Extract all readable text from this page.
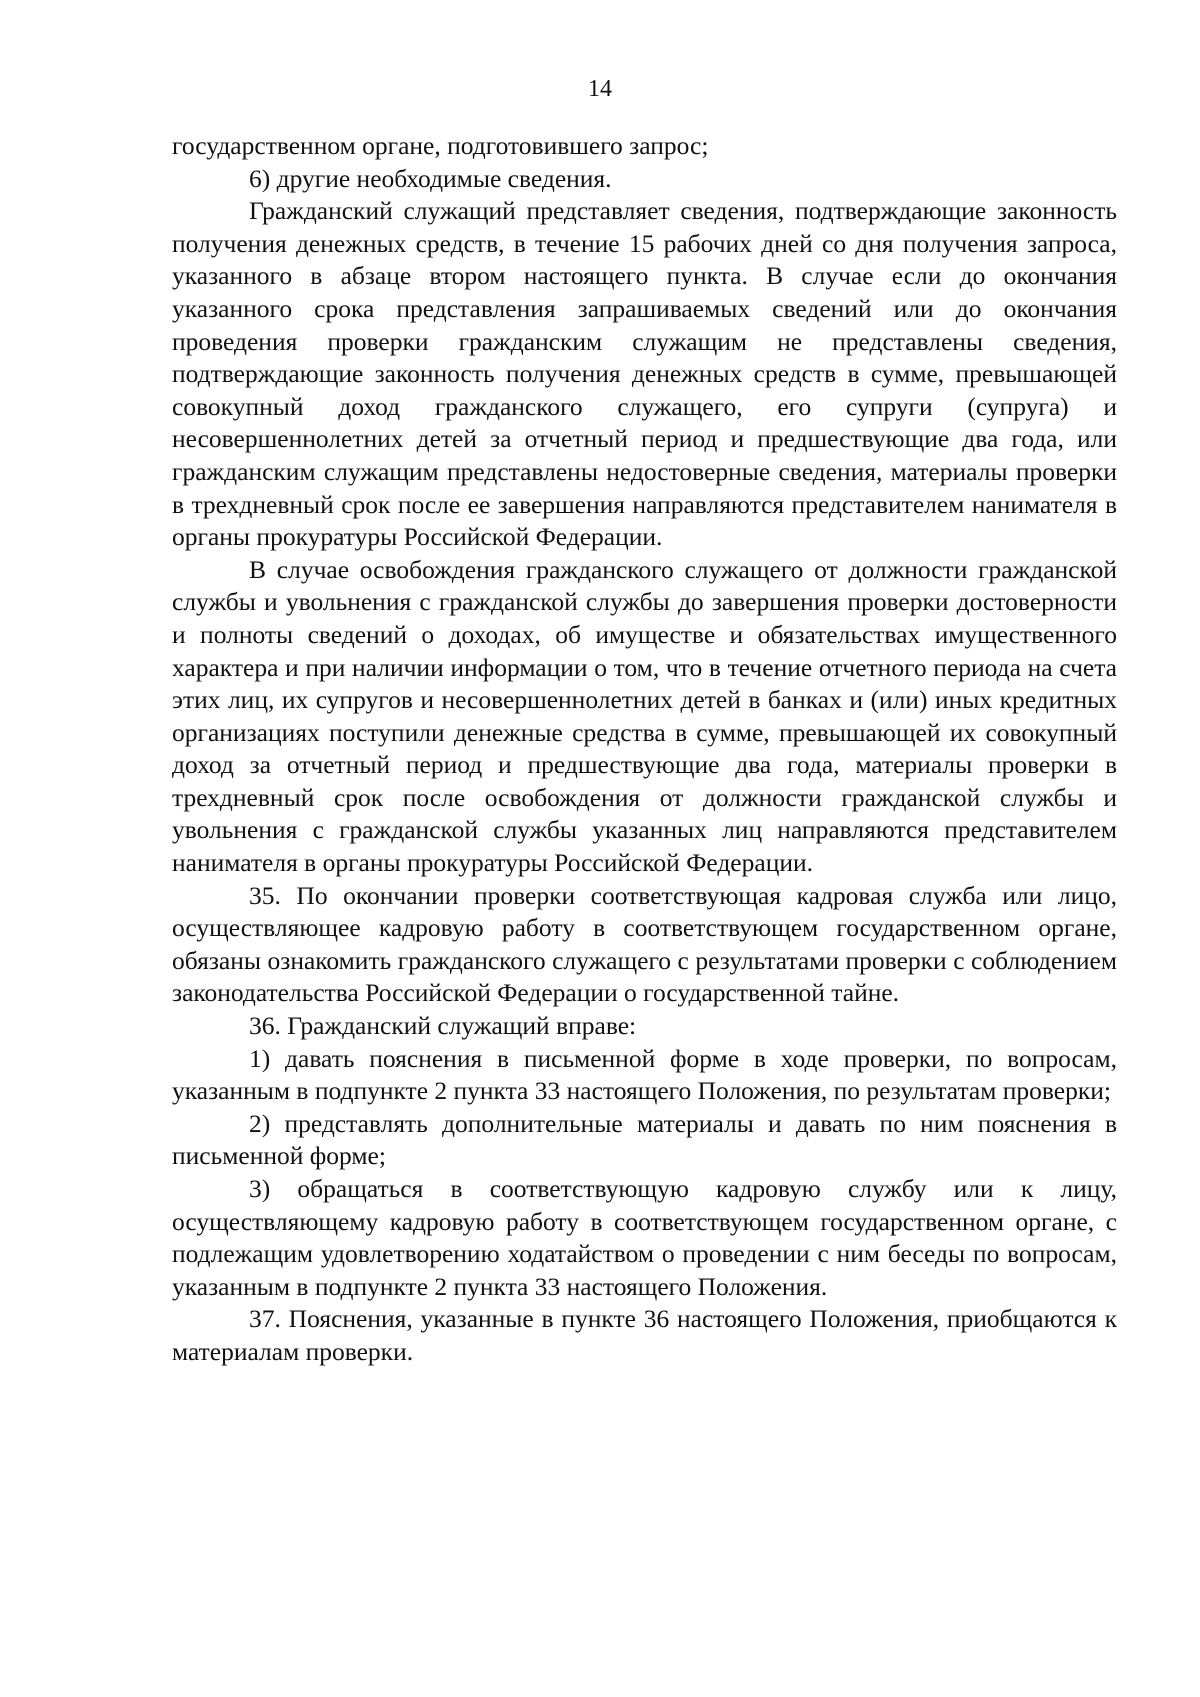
14

государственном органе, подготовившего запрос;

6) другие необходимые сведения.

Гражданский служащий представляет сведения, подтверждающие законность получения денежных средств, в течение 15 рабочих дней со дня получения запроса, указанного в абзаце втором настоящего пункта. В случае если до окончания указанного срока представления запрашиваемых сведений или до окончания проведения проверки гражданским служащим не представлены сведения, подтверждающие законность получения денежных средств в сумме, превышающей совокупный доход гражданского служащего, его супруги (супруга) и несовершеннолетних детей за отчетный период и предшествующие два года, или гражданским служащим представлены недостоверные сведения, материалы проверки в трехдневный срок после ее завершения направляются представителем нанимателя в органы прокуратуры Российской Федерации.

В случае освобождения гражданского служащего от должности гражданской службы и увольнения с гражданской службы до завершения проверки достоверности и полноты сведений о доходах, об имуществе и обязательствах имущественного характера и при наличии информации о том, что в течение отчетного периода на счета этих лиц, их супругов и несовершеннолетних детей в банках и (или) иных кредитных организациях поступили денежные средства в сумме, превышающей их совокупный доход за отчетный период и предшествующие два года, материалы проверки в трехдневный срок после освобождения от должности гражданской службы и увольнения с гражданской службы указанных лиц направляются представителем нанимателя в органы прокуратуры Российской Федерации.

35. По окончании проверки соответствующая кадровая служба или лицо, осуществляющее кадровую работу в соответствующем государственном органе, обязаны ознакомить гражданского служащего с результатами проверки с соблюдением законодательства Российской Федерации о государственной тайне.

36. Гражданский служащий вправе:

1) давать пояснения в письменной форме в ходе проверки, по вопросам, указанным в подпункте 2 пункта 33 настоящего Положения, по результатам проверки;

2) представлять дополнительные материалы и давать по ним пояснения в письменной форме;

3) обращаться в соответствующую кадровую службу или к лицу, осуществляющему кадровую работу в соответствующем государственном органе, с подлежащим удовлетворению ходатайством о проведении с ним беседы по вопросам, указанным в подпункте 2 пункта 33 настоящего Положения.

37. Пояснения, указанные в пункте 36 настоящего Положения, приобщаются к материалам проверки.
